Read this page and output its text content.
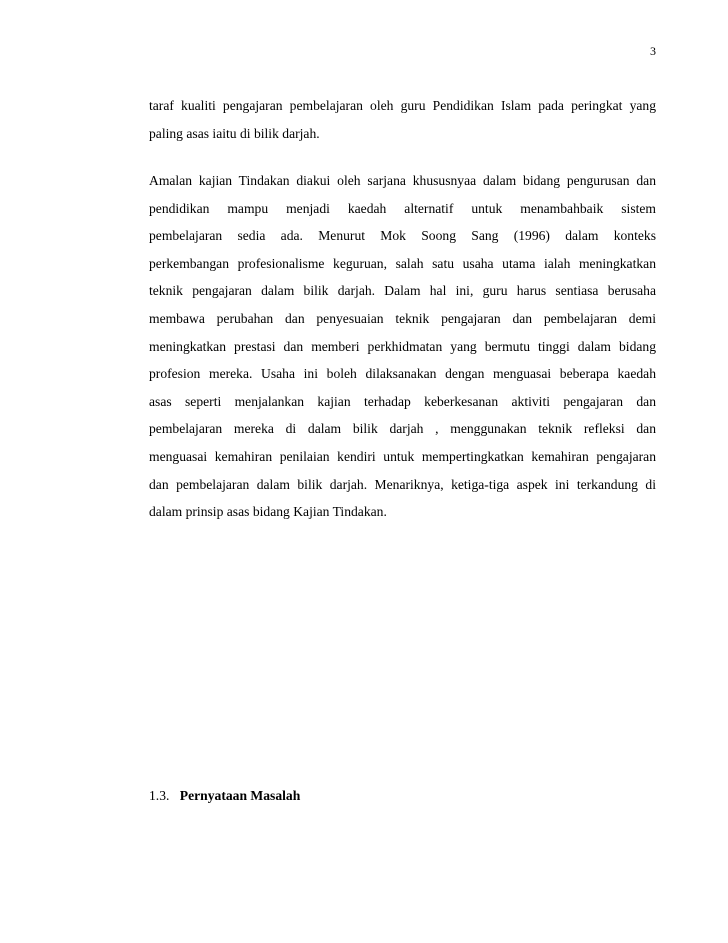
3
taraf kualiti pengajaran pembelajaran oleh guru Pendidikan Islam pada peringkat yang
paling asas iaitu di bilik darjah.
Amalan kajian Tindakan diakui oleh sarjana khususnyaa dalam bidang pengurusan dan
pendidikan mampu menjadi kaedah alternatif untuk menambahbaik sistem
pembelajaran sedia ada. Menurut Mok Soong Sang (1996) dalam konteks
perkembangan profesionalisme keguruan, salah satu usaha utama ialah meningkatkan
teknik pengajaran dalam bilik darjah. Dalam hal ini, guru harus sentiasa berusaha
membawa perubahan dan penyesuaian teknik pengajaran dan pembelajaran demi
meningkatkan prestasi dan memberi perkhidmatan yang bermutu tinggi dalam bidang
profesion mereka. Usaha ini boleh dilaksanakan dengan menguasai beberapa kaedah
asas seperti menjalankan kajian terhadap keberkesanan aktiviti pengajaran dan
pembelajaran mereka di dalam bilik darjah , menggunakan teknik refleksi dan
menguasai kemahiran penilaian kendiri untuk mempertingkatkan kemahiran pengajaran
dan pembelajaran dalam bilik darjah. Menariknya, ketiga-tiga aspek ini terkandung di
dalam prinsip asas bidang Kajian Tindakan.
1.3. Pernyataan Masalah
